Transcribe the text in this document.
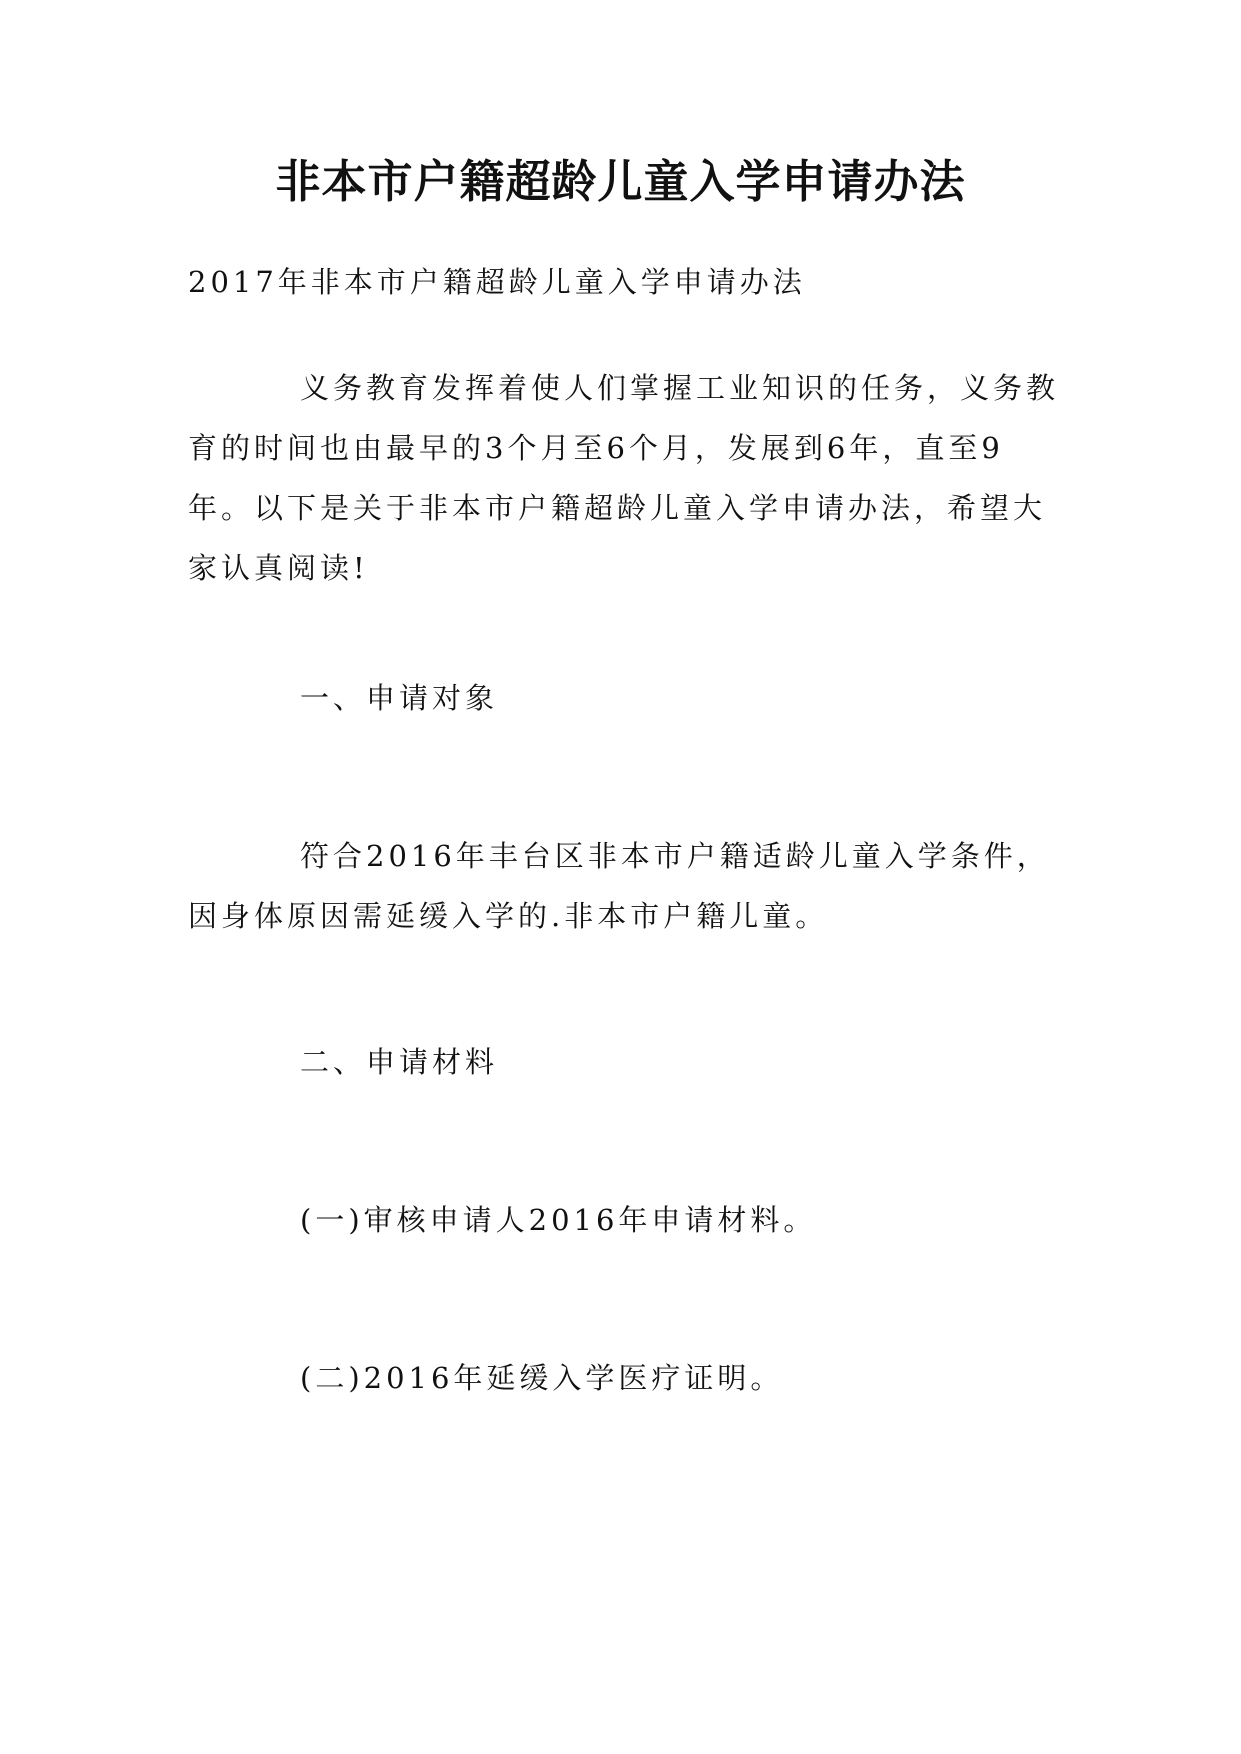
非本市户籍超龄儿童入学申请办法

2017年非本市户籍超龄儿童入学申请办法

义务教育发挥着使人们掌握工业知识的任务，义务教
育的时间也由最早的3个月至6个月，发展到6年，直至9
年。以下是关于非本市户籍超龄儿童入学申请办法，希望大
家认真阅读!

一、申请对象

符合2016年丰台区非本市户籍适龄儿童入学条件，
因身体原因需延缓入学的.非本市户籍儿童。

二、申请材料

(一)审核申请人2016年申请材料。

(二)2016年延缓入学医疗证明。
